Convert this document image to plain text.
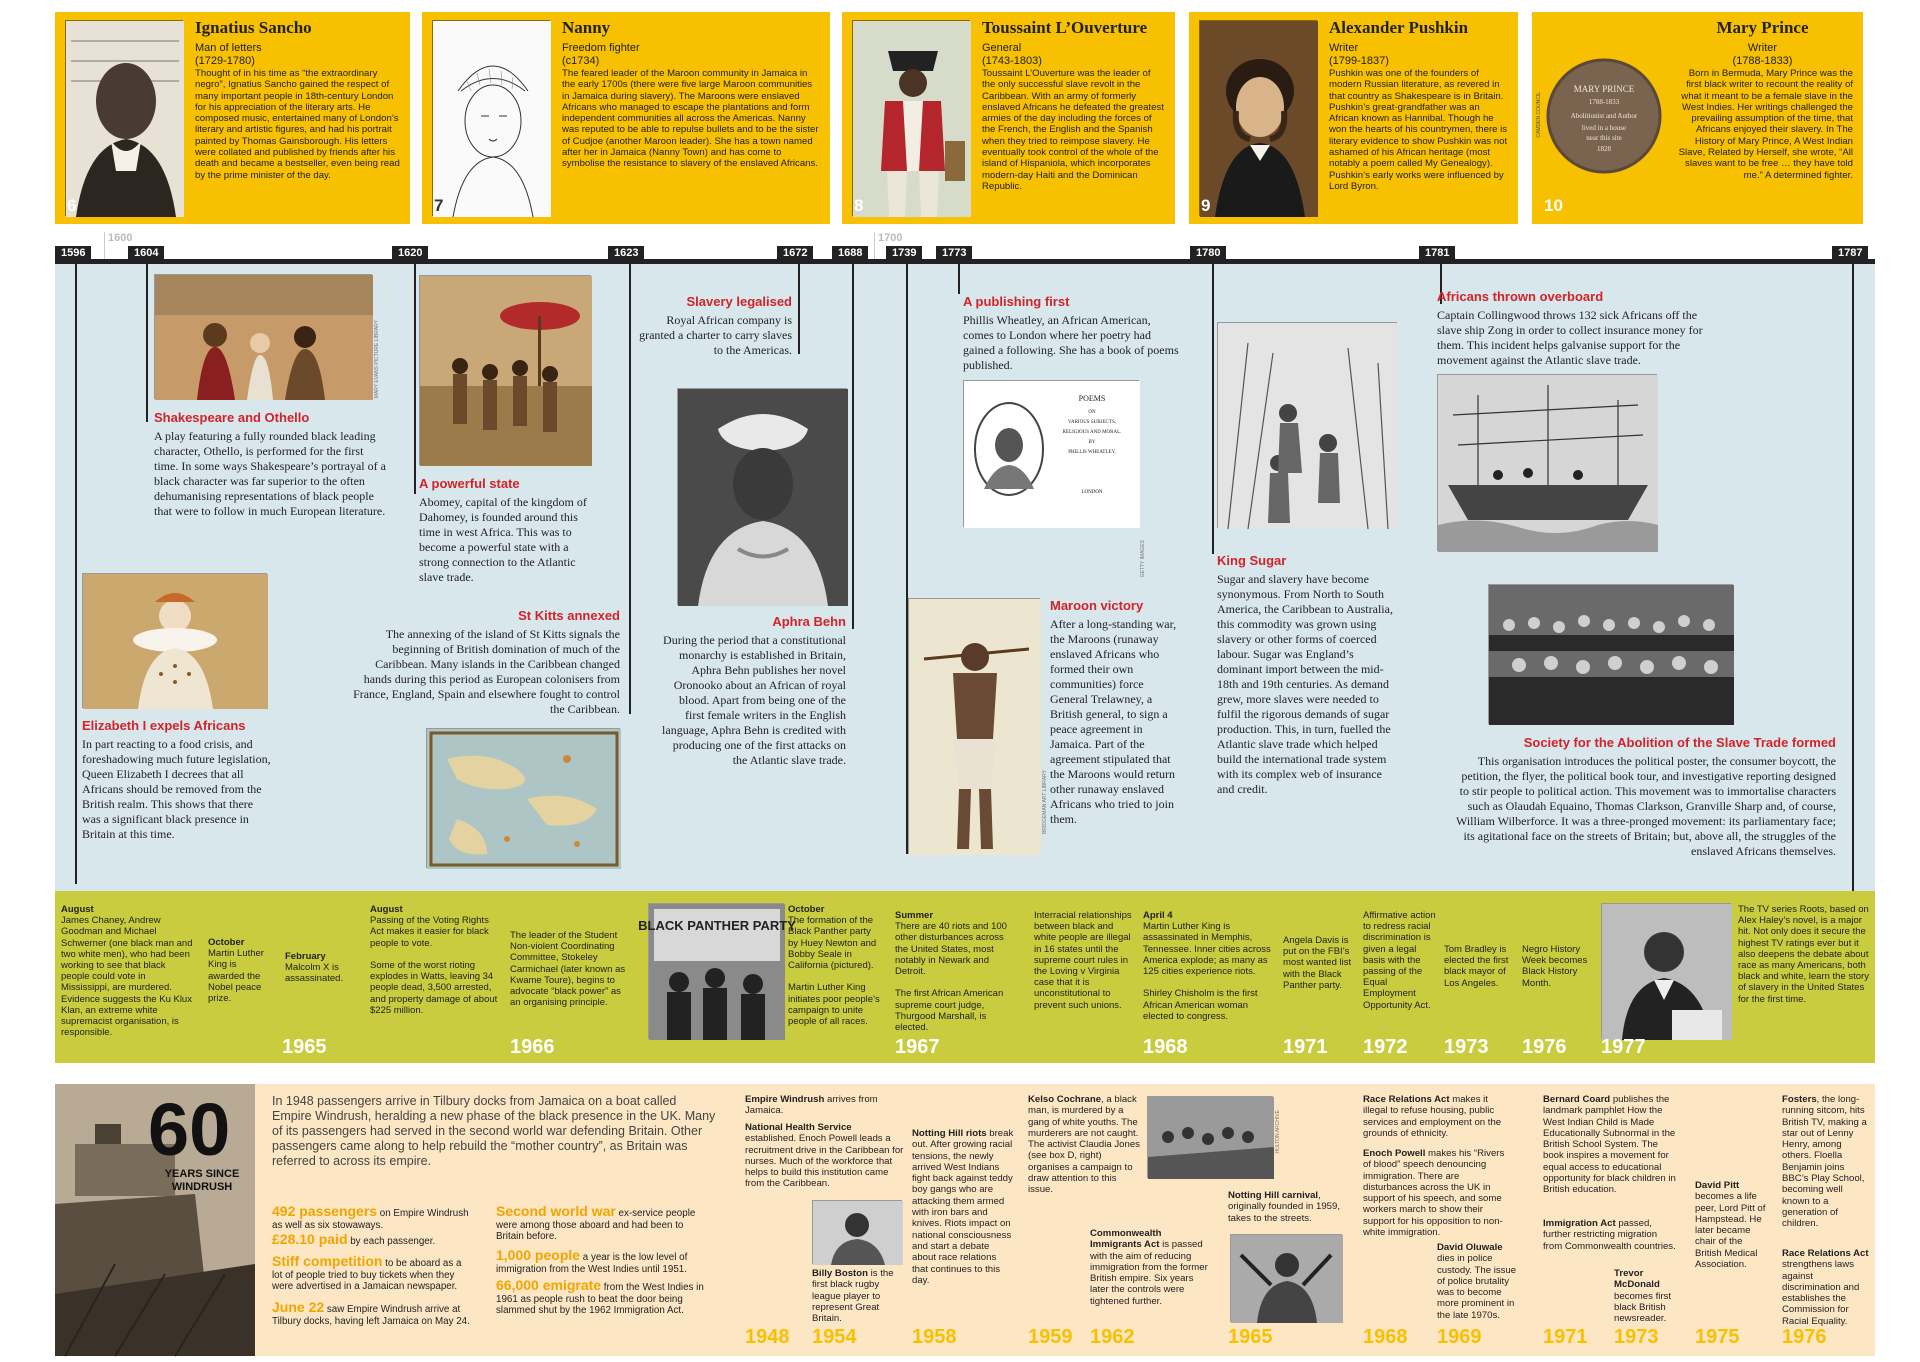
6
Ignatius Sancho
Man of letters
(1729-1780)
Thought of in his time as “the extraordinary negro”, Ignatius Sancho gained the respect of many important people in 18th-century London for his appreciation of the literary arts. He composed music, entertained many of London’s literary and artistic figures, and had his portrait painted by Thomas Gainsborough. His letters were collated and published by friends after his death and became a bestseller, even being read by the prime minister of the day.
7
Nanny
Freedom fighter
(c1734)
The feared leader of the Maroon community in Jamaica in the early 1700s (there were five large Maroon communities in Jamaica during slavery). The Maroons were enslaved Africans who managed to escape the plantations and form independent communities all across the Americas. Nanny was reputed to be able to repulse bullets and to be the sister of Cudjoe (another Maroon leader). She has a town named after her in Jamaica (Nanny Town) and has come to symbolise the resistance to slavery of the enslaved Africans.
8
Toussaint L’Ouverture
General
(1743-1803)
Toussaint L’Ouverture was the leader of the only successful slave revolt in the Caribbean. With an army of formerly enslaved Africans he defeated the greatest armies of the day including the forces of the French, the English and the Spanish when they tried to reimpose slavery. He eventually took control of the whole of the island of Hispaniola, which incorporates modern-day Haiti and the Dominican Republic.
9
Alexander Pushkin
Writer
(1799-1837)
Pushkin was one of the founders of modern Russian literature, as revered in that country as Shakespeare is in Britain. Pushkin’s great-grandfather was an African known as Hannibal. Though he won the hearts of his countrymen, there is literary evidence to show Pushkin was not ashamed of his African heritage (most notably a poem called My Genealogy). Pushkin’s early works were influenced by Lord Byron.
MARY PRINCE
1788-1833
Abolitionist and Author
lived in a house
near this site
1828
10
Mary Prince
Writer
(1788-1833)
Born in Bermuda, Mary Prince was the first black writer to recount the reality of what it meant to be a female slave in the West Indies. Her writings challenged the prevailing assumption of the time, that Africans enjoyed their slavery. In The History of Mary Prince, A West Indian Slave, Related by Herself, she wrote, “All slaves want to be free … they have told me.” A determined fighter.
1600	1700
1596	1604	1620	1623	1672	1688	1739	1773	1780	1781	1787
POEMS
ON
VARIOUS SUBJECTS,
RELIGIOUS AND MORAL.
BY
PHILLIS WHEATLEY,
LONDON
Shakespeare and Othello

A play featuring a fully rounded black leading character, Othello, is performed for the first time. In some ways Shakespeare’s portrayal of a black character was far superior to the often dehumanising representations of black people that were to follow in much European literature.

Elizabeth I expels Africans

In part reacting to a food crisis, and foreshadowing much future legislation, Queen Elizabeth I decrees that all Africans should be removed from the British realm. This shows that there was a significant black presence in Britain at this time.

A powerful state

Abomey, capital of the kingdom of Dahomey, is founded around this time in west Africa. This was to become a powerful state with a strong connection to the Atlantic slave trade.

St Kitts annexed

The annexing of the island of St Kitts signals the beginning of British domination of much of the Caribbean. Many islands in the Caribbean changed hands during this period as European colonisers from France, England, Spain and elsewhere fought to control the Caribbean.

Slavery legalised

Royal African company is granted a charter to carry slaves to the Americas.

Aphra Behn

During the period that a constitutional monarchy is established in Britain, Aphra Behn publishes her novel Oronooko about an African of royal blood. Apart from being one of the first female writers in the English language, Aphra Behn is credited with producing one of the first attacks on the Atlantic slave trade.

A publishing first

Phillis Wheatley, an African American, comes to London where her poetry had gained a following. She has a book of poems published.

Maroon victory

After a long-standing war, the Maroons (runaway enslaved Africans who formed their own communities) force General Trelawney, a British general, to sign a peace agreement in Jamaica. Part of the agreement stipulated that the Maroons would return other runaway enslaved Africans who tried to join them.

King Sugar

Sugar and slavery have become synonymous. From North to South America, the Caribbean to Australia, this commodity was grown using slavery or other forms of coerced labour. Sugar was England’s dominant import between the mid-18th and 19th centuries. As demand grew, more slaves were needed to fulfil the rigorous demands of sugar production. This, in turn, fuelled the Atlantic slave trade which helped build the international trade system with its complex web of insurance and credit.

Africans thrown overboard

Captain Collingwood throws 132 sick Africans off the slave ship Zong in order to collect insurance money for them. This incident helps galvanise support for the movement against the Atlantic slave trade.

Society for the Abolition of the Slave Trade formed

This organisation introduces the political poster, the consumer boycott, the petition, the flyer, the political book tour, and investigative reporting designed to stir people to political action. This movement was to immortalise characters such as Olaudah Equaino, Thomas Clarkson, Granville Sharp and, of course, William Wilberforce. It was a three-pronged movement: its parliamentary face; its agitational face on the streets of Britain; but, above all, the struggles of the enslaved Africans themselves.

August
James Chaney, Andrew Goodman and Michael Schwerner (one black man and two white men), who had been working to see that black people could vote in Mississippi, are murdered. Evidence suggests the Ku Klux Klan, an extreme white supremacist organisation, is responsible.
October
Martin Luther King is awarded the Nobel peace prize.
February
Malcolm X is assassinated.
August
Passing of the Voting Rights Act makes it easier for black people to vote.

Some of the worst rioting explodes in Watts, leaving 34 people dead, 3,500 arrested, and property damage of about $225 million.
The leader of the Student Non-violent Coordinating Committee, Stokeley Carmichael (later known as Kwame Toure), begins to advocate “black power” as an organising principle.
BLACK PANTHER PARTY
October
The formation of the Black Panther party by Huey Newton and Bobby Seale in California (pictured).

Martin Luther King initiates poor people’s campaign to unite people of all races.
Summer
There are 40 riots and 100 other disturbances across the United States, most notably in Newark and Detroit.

The first African American supreme court judge, Thurgood Marshall, is elected.
Interracial relationships between black and white people are illegal in 16 states until the supreme court rules in the Loving v Virginia case that it is unconstitutional to prevent such unions.
April 4
Martin Luther King is assassinated in Memphis, Tennessee. Inner cities across America explode; as many as 125 cities experience riots.

Shirley Chisholm is the first African American woman elected to congress.
Angela Davis is put on the FBI’s most wanted list with the Black Panther party.
Affirmative action to redress racial discrimination is given a legal basis with the passing of the Equal Employment Opportunity Act.
Tom Bradley is elected the first black mayor of Los Angeles.
Negro History Week becomes Black History Month.
The TV series Roots, based on Alex Haley’s novel, is a major hit. Not only does it secure the highest TV ratings ever but it also deepens the debate about race as many Americans, both black and white, learn the story of slavery in the United States for the first time.
1965	1966	1967	1968	1971 1972 1973 1976 1977
60
YEARS SINCE WINDRUSH
In 1948 passengers arrive in Tilbury docks from Jamaica on a boat called Empire Windrush, heralding a new phase of the black presence in the UK. Many of its passengers had served in the second world war defending Britain. Other passengers came along to help rebuild the “mother country”, as Britain was referred to across its empire.
492 passengers on Empire Windrush as well as six stowaways.
£28.10 paid by each passenger.
Stiff competition to be aboard as a lot of people tried to buy tickets when they were advertised in a Jamaican newspaper.
June 22 saw Empire Windrush arrive at Tilbury docks, having left Jamaica on May 24.
Second world war ex-service people were among those aboard and had been to Britain before.
1,000 people a year is the low level of immigration from the West Indies until 1951.
66,000 emigrate from the West Indies in 1961 as people rush to beat the door being slammed shut by the 1962 Immigration Act.
Empire Windrush arrives from Jamaica.
National Health Service established. Enoch Powell leads a recruitment drive in the Caribbean for nurses. Much of the workforce that helps to build this institution came from the Caribbean.
Billy Boston is the first black rugby league player to represent Great Britain.
Notting Hill riots break out. After growing racial tensions, the newly arrived West Indians fight back against teddy boy gangs who are attacking them armed with iron bars and knives. Riots impact on national consciousness and start a debate about race relations that continues to this day.
Kelso Cochrane, a black man, is murdered by a gang of white youths. The murderers are not caught. The activist Claudia Jones (see box D, right) organises a campaign to draw attention to this issue.
Commonwealth Immigrants Act is passed with the aim of reducing immigration from the former British empire. Six years later the controls were tightened further.
Notting Hill carnival, originally founded in 1959, takes to the streets.
Race Relations Act makes it illegal to refuse housing, public services and employment on the grounds of ethnicity.
Enoch Powell makes his “Rivers of blood” speech denouncing immigration. There are disturbances across the UK in support of his speech, and some workers march to show their support for his opposition to non-white immigration.
David Oluwale dies in police custody. The issue of police brutality was to become more prominent in the late 1970s.
Bernard Coard publishes the landmark pamphlet How the West Indian Child is Made Educationally Subnormal in the British School System. The book inspires a movement for equal access to educational opportunity for black children in British education.
Immigration Act passed, further restricting migration from Commonwealth countries.
Trevor McDonald becomes first black British newsreader.
David Pitt becomes a life peer, Lord Pitt of Hampstead. He later became chair of the British Medical Association.
Fosters, the long-running sitcom, hits British TV, making a star out of Lenny Henry, among others. Floella Benjamin joins BBC’s Play School, becoming well known to a generation of children.
Race Relations Act strengthens laws against discrimination and establishes the Commission for Racial Equality.
1948 1954	1958	1959 1962	1965	1968 1969	1971 1973 1975 1976
MARY EVANS PICTURE LIBRARY
GETTY IMAGES
CAMDEN COUNCIL
BRIDGEMAN ART LIBRARY
HULTON ARCHIVE
